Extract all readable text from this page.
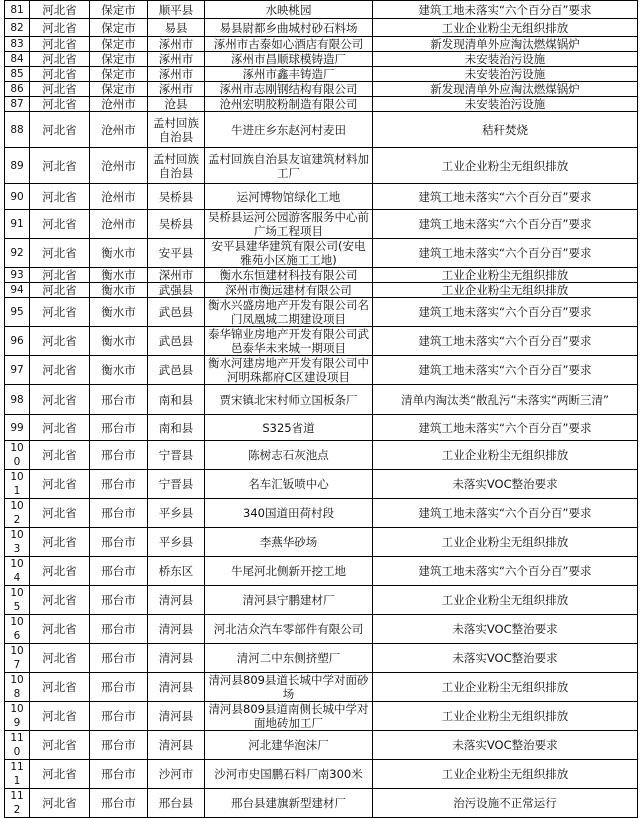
81	河北省	保定市	顺平县	水映桃园	建筑工地未落实“六个百分百”要求
82	河北省	保定市	易县	易县尉都乡曲城村砂石料场	工业企业粉尘无组织排放
83	河北省	保定市	涿州市	涿州市古泰如心酒店有限公司	新发现清单外应淘汰燃煤锅炉
84	河北省	保定市	涿州市	涿州市昌顺球模铸造厂	未安装治污设施
85	河北省	保定市	涿州市	涿州市鑫丰铸造厂	未安装治污设施
86	河北省	保定市	涿州市	涿州市志刚钢结构有限公司	新发现清单外应淘汰燃煤锅炉
87	河北省	沧州市	沧县	沧州宏明胶粉制造有限公司	未安装治污设施
88	河北省	沧州市	孟村回族自治县	牛进庄乡东赵河村麦田	秸秆焚烧
89	河北省	沧州市	孟村回族自治县	孟村回族自治县友谊建筑材料加工厂	工业企业粉尘无组织排放
90	河北省	沧州市	吴桥县	运河博物馆绿化工地	建筑工地未落实“六个百分百”要求
91	河北省	沧州市	吴桥县	吴桥县运河公园游客服务中心前广场工程项目	建筑工地未落实“六个百分百”要求
92	河北省	衡水市	安平县	安平县建华建筑有限公司(安电雅苑小区施工工地)	建筑工地未落实“六个百分百”要求
93	河北省	衡水市	深州市	衡水东恒建材科技有限公司	工业企业粉尘无组织排放
94	河北省	衡水市	武强县	深州市衡远建材有限公司	工业企业粉尘无组织排放
95	河北省	衡水市	武邑县	衡水兴盛房地产开发有限公司名门凤凰城二期建设项目	建筑工地未落实“六个百分百”要求
96	河北省	衡水市	武邑县	泰华锦业房地产开发有限公司武邑泰华未来城一期项目	建筑工地未落实“六个百分百”要求
97	河北省	衡水市	武邑县	衡水河建房地产开发有限公司中河明珠都府C区建设项目	建筑工地未落实“六个百分百”要求
98	河北省	邢台市	南和县	贾宋镇北宋村师立国板条厂	清单内淘汰类“散乱污”未落实“两断三清”
99	河北省	邢台市	南和县	S325省道	建筑工地未落实“六个百分百”要求
100	河北省	邢台市	宁晋县	陈树志石灰池点	工业企业粉尘无组织排放
101	河北省	邢台市	宁晋县	名车汇钣喷中心	未落实VOC整治要求
102	河北省	邢台市	平乡县	340国道田荷村段	建筑工地未落实“六个百分百”要求
103	河北省	邢台市	平乡县	李燕华砂场	工业企业粉尘无组织排放
104	河北省	邢台市	桥东区	牛尾河北侧新开挖工地	建筑工地未落实“六个百分百”要求
105	河北省	邢台市	清河县	清河县宁鹏建材厂	工业企业粉尘无组织排放
106	河北省	邢台市	清河县	河北洁众汽车零部件有限公司	未落实VOC整治要求
107	河北省	邢台市	清河县	清河二中东侧挤塑厂	未落实VOC整治要求
108	河北省	邢台市	清河县	清河县809县道长城中学对面砂场	工业企业粉尘无组织排放
109	河北省	邢台市	清河县	清河县809县道南侧长城中学对面地砖加工厂	工业企业粉尘无组织排放
110	河北省	邢台市	清河县	河北建华泡沫厂	未落实VOC整治要求
111	河北省	邢台市	沙河市	沙河市史国鹏石料厂南300米	工业企业粉尘无组织排放
112	河北省	邢台市	邢台县	邢台县建旗新型建材厂	治污设施不正常运行
